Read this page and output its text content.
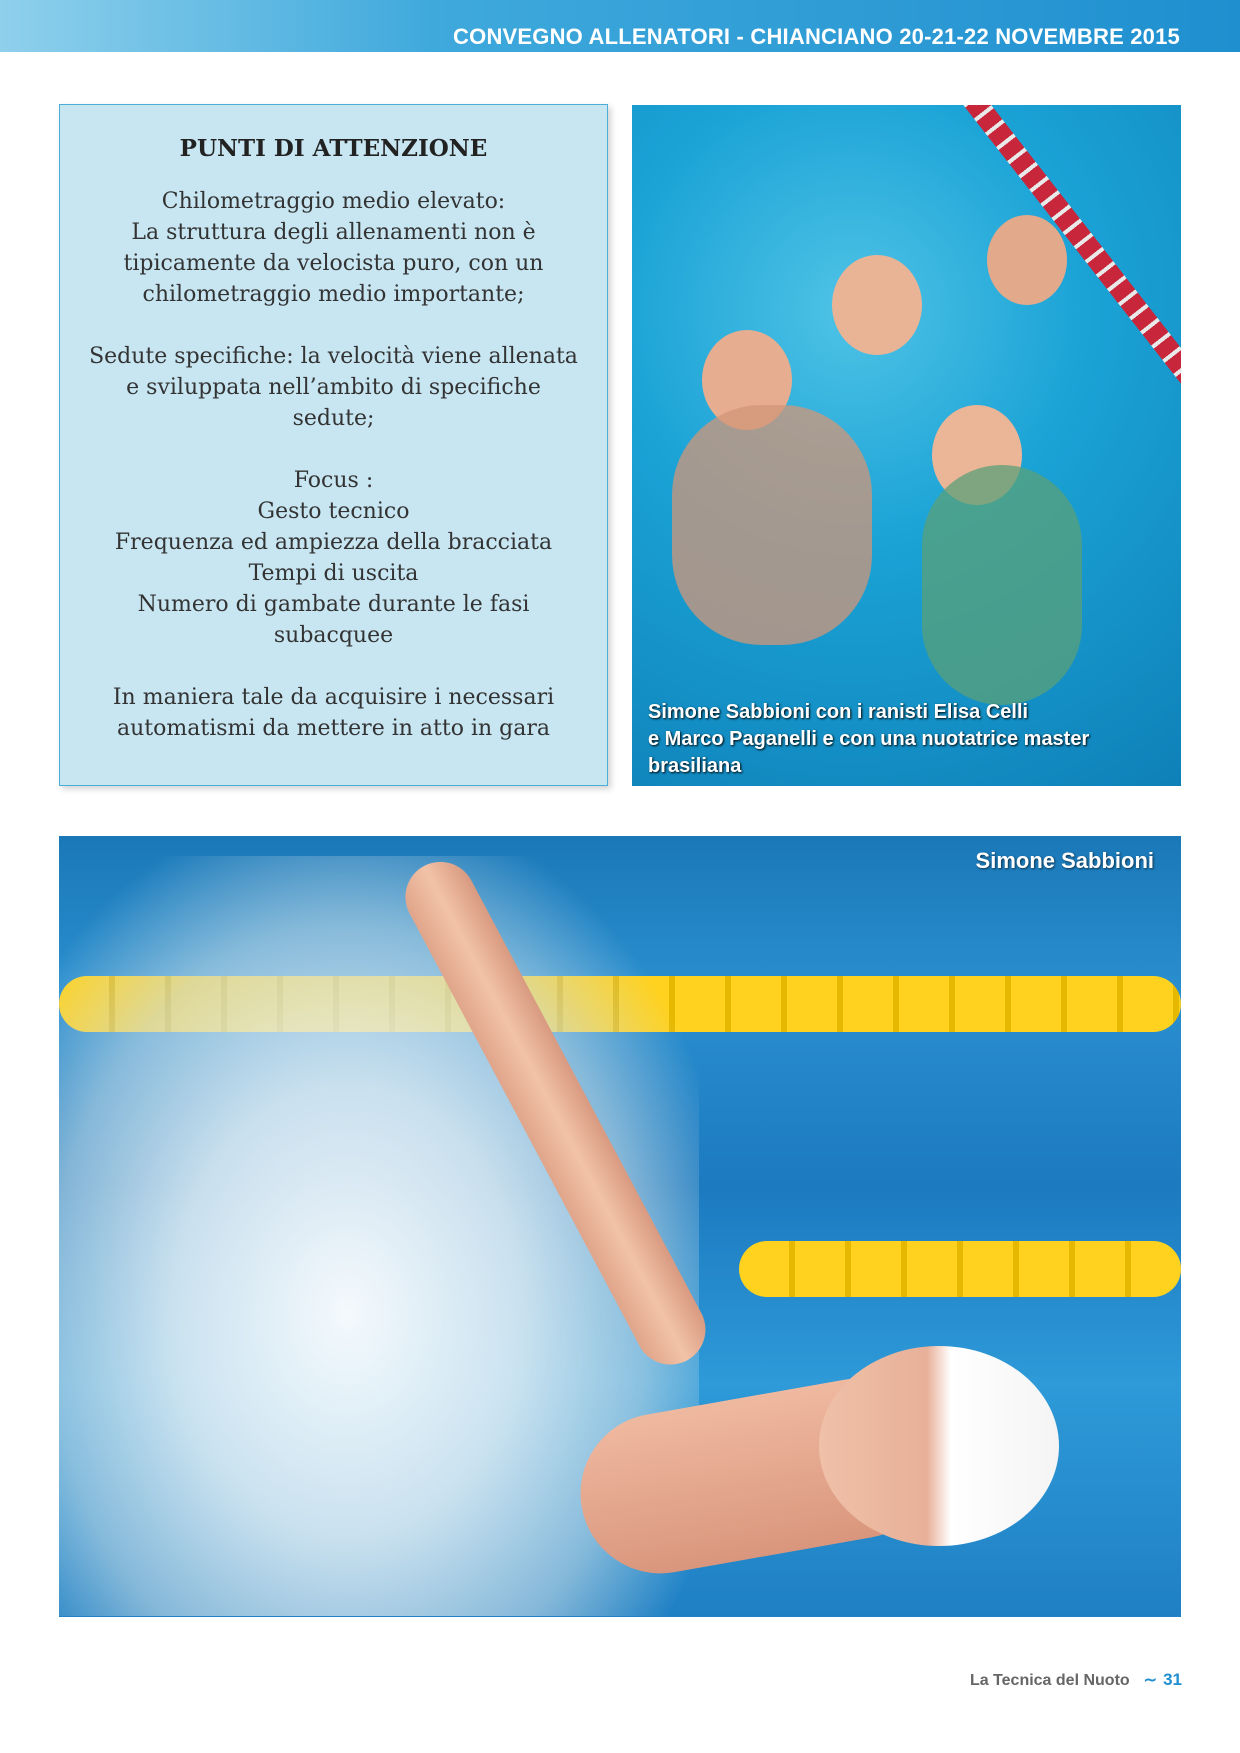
CONVEGNO ALLENATORI - CHIANCIANO 20-21-22 NOVEMBRE 2015
PUNTI DI ATTENZIONE

Chilometraggio medio elevato:
La struttura degli allenamenti non è
tipicamente da velocista puro, con un
chilometraggio medio importante;

Sedute specifiche: la velocità viene allenata
e sviluppata nell’ambito di specifiche
sedute;

Focus :
Gesto tecnico
Frequenza ed ampiezza della bracciata
Tempi di uscita
Numero di gambate durante le fasi
subacquee

In maniera tale da acquisire i necessari
automatismi da mettere in atto in gara

Simone Sabbioni con i ranisti Elisa Celli
e Marco Paganelli e con una nuotatrice master
brasiliana
Simone Sabbioni
La Tecnica del Nuoto ∼ 31
